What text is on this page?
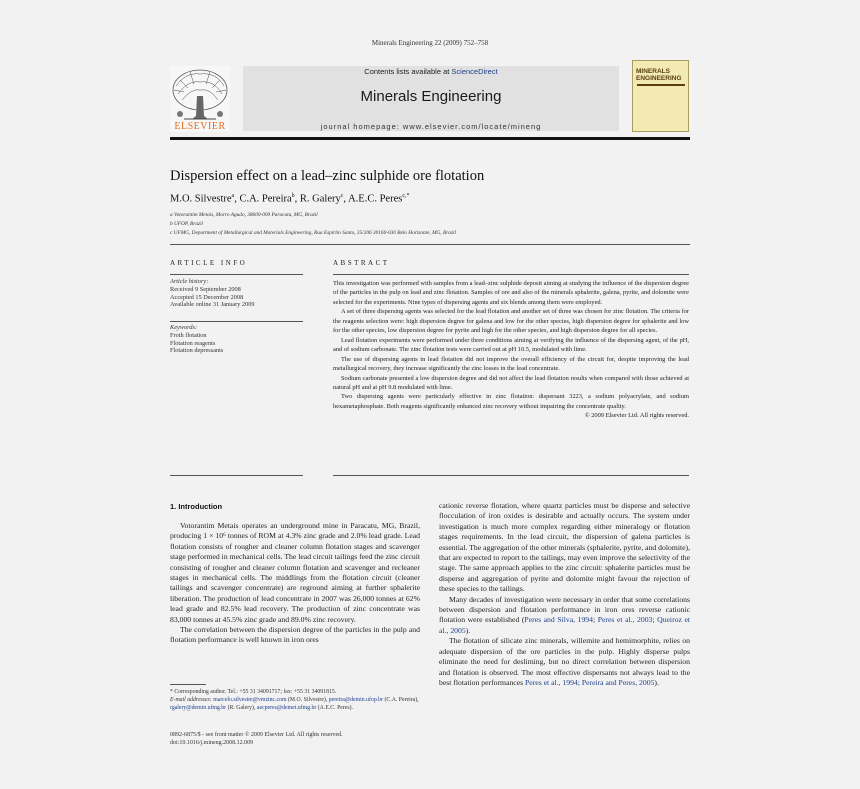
Minerals Engineering 22 (2009) 752–758
ELSEVIER
Contents lists available at ScienceDirect
Minerals Engineering
journal homepage: www.elsevier.com/locate/mineng
MINERALS
ENGINEERING
Dispersion effect on a lead–zinc sulphide ore flotation
M.O. Silvestre$^a$, C.A. Pereira$^b$, R. Galery$^c$, A.E.C. Peres$^{c,*}$
a Votorantim Metais, Morro Agudo, 38600-000 Paracatu, MG, Brazil
b UFOP, Brazil
c UFMG, Department of Metallurgical and Materials Engineering, Rua Espírito Santo, 35/206 30160-030 Belo Horizonte, MG, Brazil
ARTICLE INFO
Article history:
Received 9 September 2008
Accepted 15 December 2008
Available online 31 January 2009
Keywords:
Froth flotation
Flotation reagents
Flotation depressants
ABSTRACT

This investigation was performed with samples from a lead–zinc sulphide deposit aiming at studying the influence of the dispersion degree of the particles in the pulp on lead and zinc flotation. Samples of ore and also of the minerals sphalerite, galena, pyrite, and dolomite were selected for the experiments. Nine types of dispersing agents and six blends among them were employed.

A set of three dispersing agents was selected for the lead flotation and another set of three was chosen for zinc flotation. The criteria for the reagents selection were: high dispersion degree for galena and low for the other species, high dispersion degree for sphalerite and low for the other species, low dispersion degree for pyrite and high for the other species, and high dispersion degree for all species.

Lead flotation experiments were performed under three conditions aiming at verifying the influence of the dispersing agent, of the pH, and of sodium carbonate. The zinc flotation tests were carried out at pH 10.5, modulated with lime.

The use of dispersing agents in lead flotation did not improve the overall efficiency of the circuit for, despite improving the lead metallurgical recovery, they increase significantly the zinc losses in the lead concentrate.

Sodium carbonate presented a low dispersion degree and did not affect the lead flotation results when compared with those achieved at natural pH and at pH 9.8 modulated with lime.

Two dispersing agents were particularly effective in zinc flotation: dispersant 3223, a sodium polyacrylate, and sodium hexametaphosphate. Both reagents significantly enhanced zinc recovery without impairing the concentrate quality.

© 2009 Elsevier Ltd. All rights reserved.

1. Introduction

Votorantim Metais operates an underground mine in Paracatu, MG, Brazil, producing 1 × 10⁶ tonnes of ROM at 4.3% zinc grade and 2.0% lead grade. Lead flotation consists of rougher and cleaner column flotation stages and scavenger stage performed in mechanical cells. The lead circuit tailings feed the zinc circuit consisting of rougher and cleaner column flotation and scavenger and recleaner stages in mechanical cells. The middlings from the flotation circuit (cleaner tailings and scavenger concentrate) are reground aiming at further sphalerite liberation. The production of lead concentrate in 2007 was 26,000 tonnes at 62% lead grade and 82.5% lead recovery. The production of zinc concentrate was 83,000 tonnes at 45.5% zinc grade and 89.0% zinc recovery.

The correlation between the dispersion degree of the particles in the pulp and flotation performance is well known in iron ores

cationic reverse flotation, where quartz particles must be disperse and selective flocculation of iron oxides is desirable and actually occurs. The system under investigation is much more complex regarding either mineralogy or flotation stages requirements. In the lead circuit, the dispersion of galena particles is essential. The aggregation of the other minerals (sphalerite, pyrite, and dolomite), that are expected to report to the tailings, may even improve the selectivity of the stage. The same approach applies to the zinc circuit: sphalerite particles must be disperse and aggregation of pyrite and dolomite might favour the rejection of these species to the tailings.

Many decades of investigation were necessary in order that some correlations between dispersion and flotation performance in iron ores reverse cationic flotation were established (Peres and Silva, 1994; Peres et al., 2003; Queiroz et al., 2005).

The flotation of silicate zinc minerals, willemite and hemimorphite, relies on adequate dispersion of the ore particles in the pulp. Highly disperse pulps eliminate the need for desliming, but no direct correlation between dispersion and flotation is observed. The most effective dispersants not always lead to the best flotation performances Peres et al., 1994; Pereira and Peres, 2005).

* Corresponding author. Tel.: +55 31 34091717; fax: +55 31 34091815.
E-mail addresses: marcelo.silvestre@vmzinc.com (M.O. Silvestre), pereira@demin.ufop.br (C.A. Pereira), rgalery@demin.ufmg.br (R. Galery), aecperes@demet.ufmg.br (A.E.C. Peres).
0892-6875/$ - see front matter © 2009 Elsevier Ltd. All rights reserved.
doi:10.1016/j.mineng.2008.12.009
